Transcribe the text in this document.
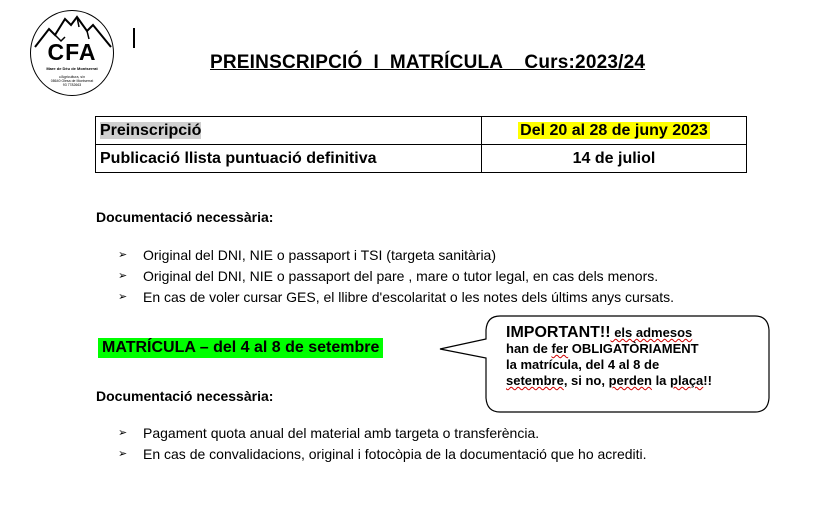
CFA
Mare de Déu de Montserrat
c/Agricultura, s/n
08640 Olesa de Montserrat
93 7782663
PREINSCRIPCIÓ  I  MATRÍCULA    Curs:2023/24
Preinscripció	Del 20 al 28 de juny 2023
Publicació llista puntuació definitiva	14 de juliol
Documentació necessària:
➢ Original del DNI, NIE o passaport i TSI (targeta sanitària)
➢ Original del DNI, NIE o passaport del pare , mare o tutor legal, en cas dels menors.
➢ En cas de voler cursar GES, el llibre d'escolaritat o les notes dels últims anys cursats.
MATRÍCULA – del 4 al 8 de setembre
IMPORTANT!! els admesos
han de fer OBLIGATÒRIAMENT
la matrícula, del 4 al 8 de
setembre, si no, perden la plaça!!
Documentació necessària:
➢ Pagament quota anual del material amb targeta o transferència.
➢ En cas de convalidacions, original i fotocòpia de la documentació que ho acrediti.
